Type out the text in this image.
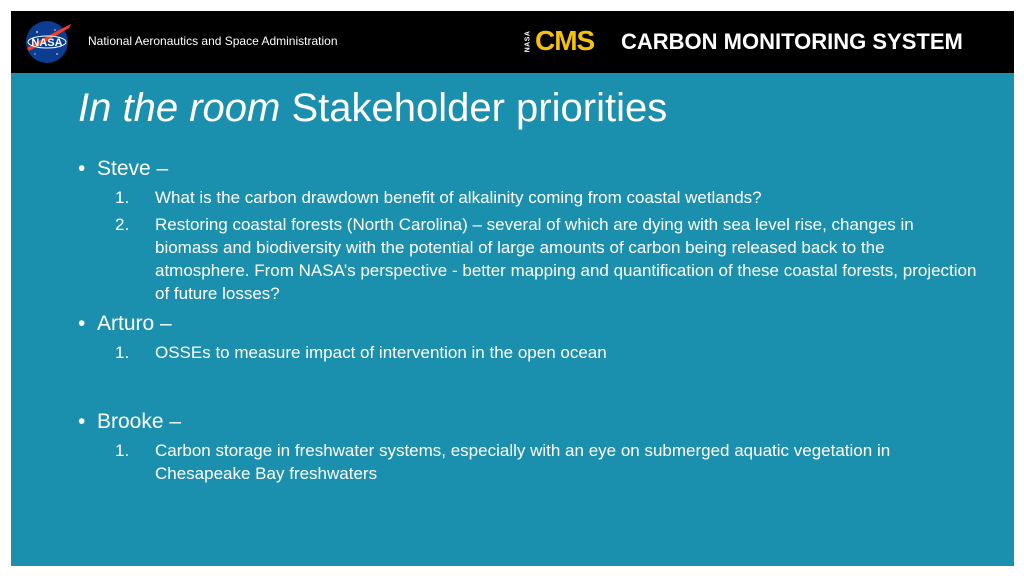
NASA National Aeronautics and Space Administration	NASA CMS CARBON MONITORING SYSTEM
In the room Stakeholder priorities
• Steve –
1. What is the carbon drawdown benefit of alkalinity coming from coastal wetlands?
2. Restoring coastal forests (North Carolina) – several of which are dying with sea level rise, changes in biomass and biodiversity with the potential of large amounts of carbon being released back to the atmosphere. From NASA’s perspective - better mapping and quantification of these coastal forests, projection of future losses?
• Arturo –
1. OSSEs to measure impact of intervention in the open ocean
• Brooke –
1. Carbon storage in freshwater systems, especially with an eye on submerged aquatic vegetation in Chesapeake Bay freshwaters
